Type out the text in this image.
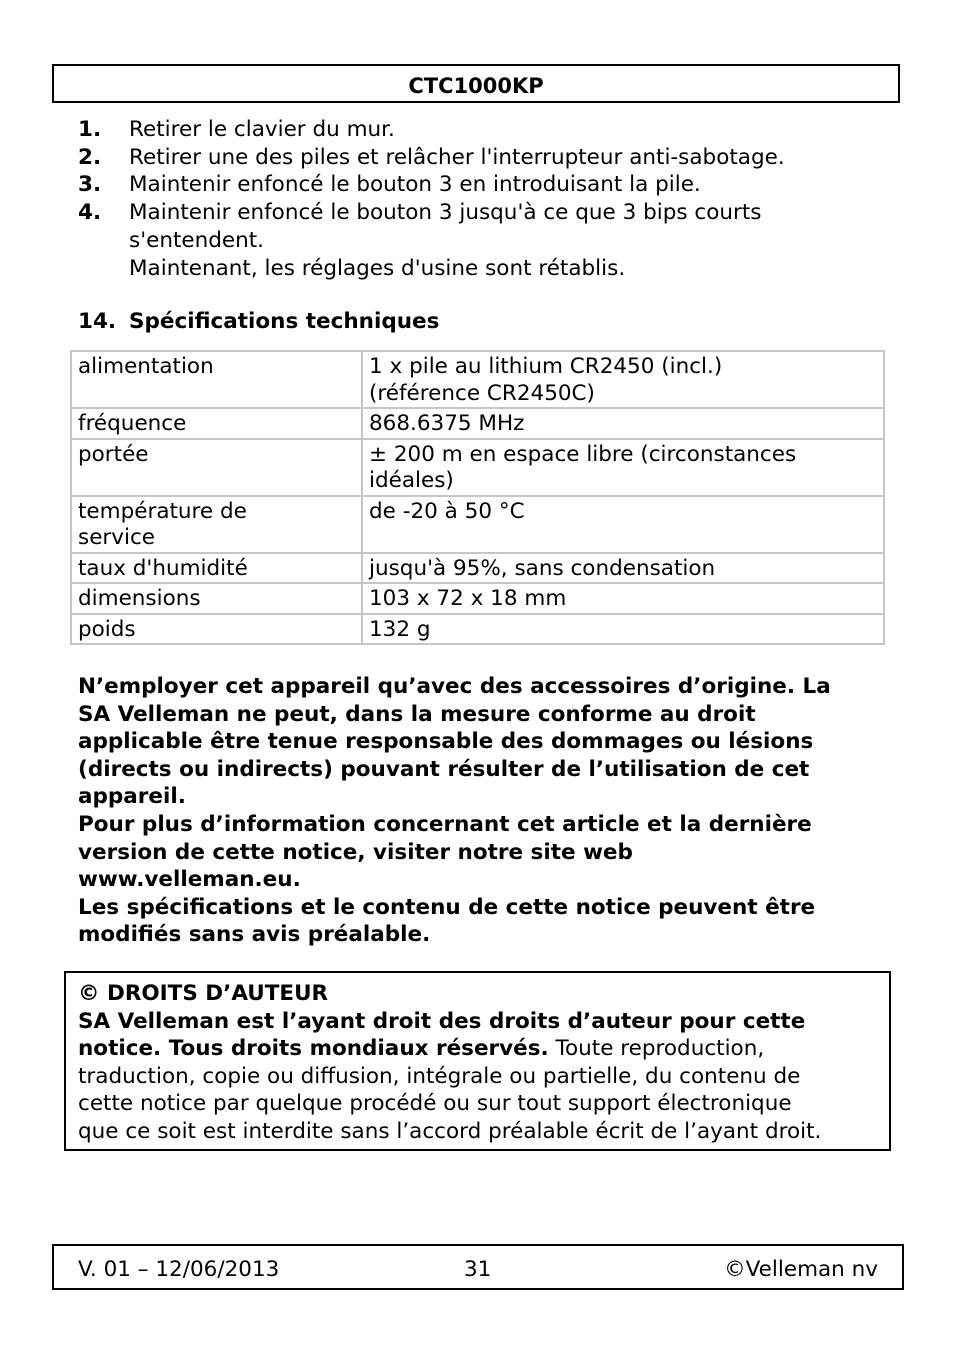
CTC1000KP
1.	Retirer le clavier du mur.
2.	Retirer une des piles et relâcher l'interrupteur anti-sabotage.
3.	Maintenir enfoncé le bouton 3 en introduisant la pile.
4.	Maintenir enfoncé le bouton 3 jusqu'à ce que 3 bips courts
s'entendent.
Maintenant, les réglages d'usine sont rétablis.
14. Spécifications techniques
alimentation	1 x pile au lithium CR2450 (incl.)
(référence CR2450C)
fréquence	868.6375 MHz
portée	± 200 m en espace libre (circonstances
idéales)
température de service	de -20 à 50 °C
taux d'humidité	jusqu'à 95%, sans condensation
dimensions	103 x 72 x 18 mm
poids	132 g

N’employer cet appareil qu’avec des accessoires d’origine. La
SA Velleman ne peut, dans la mesure conforme au droit
applicable être tenue responsable des dommages ou lésions
(directs ou indirects) pouvant résulter de l’utilisation de cet
appareil.

Pour plus d’information concernant cet article et la dernière
version de cette notice, visiter notre site web
www.velleman.eu.

Les spécifications et le contenu de cette notice peuvent être
modifiés sans avis préalable.

© DROITS D’AUTEUR
SA Velleman est l’ayant droit des droits d’auteur pour cette
notice. Tous droits mondiaux réservés. Toute reproduction,
traduction, copie ou diffusion, intégrale ou partielle, du contenu de
cette notice par quelque procédé ou sur tout support électronique
que ce soit est interdite sans l’accord préalable écrit de l’ayant droit.
V. 01 – 12/06/2013	31	©Velleman nv
